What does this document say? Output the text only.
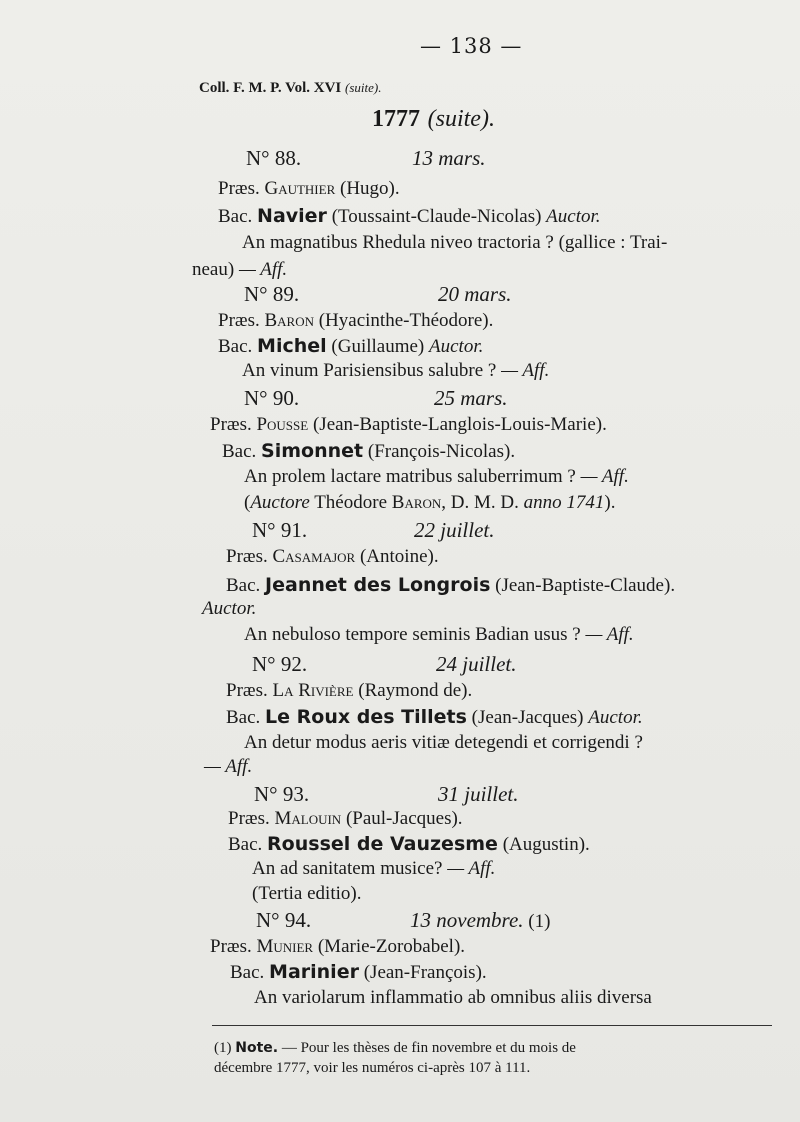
— 138 —
Coll. F. M. P. Vol. XVI (suite).
1777 (suite).
N° 88.	13 mars.
Præs. Gauthier (Hugo).
Bac. Navier (Toussaint-Claude-Nicolas) Auctor.
An magnatibus Rhedula niveo tractoria ? (gallice : Trai-
neau) — Aff.
N° 89.	20 mars.
Præs. Baron (Hyacinthe-Théodore).
Bac. Michel (Guillaume) Auctor.
An vinum Parisiensibus salubre ? — Aff.
N° 90.	25 mars.
Præs. Pousse (Jean-Baptiste-Langlois-Louis-Marie).
Bac. Simonnet (François-Nicolas).
An prolem lactare matribus saluberrimum ? — Aff.
(Auctore Théodore Baron, D. M. D. anno 1741).
N° 91.	22 juillet.
Præs. Casamajor (Antoine).
Bac. Jeannet des Longrois (Jean-Baptiste-Claude).
Auctor.
An nebuloso tempore seminis Badian usus ? — Aff.
N° 92.	24 juillet.
Præs. La Rivière (Raymond de).
Bac. Le Roux des Tillets (Jean-Jacques) Auctor.
An detur modus aeris vitiæ detegendi et corrigendi ?
— Aff.
N° 93.	31 juillet.
Præs. Malouin (Paul-Jacques).
Bac. Roussel de Vauzesme (Augustin).
An ad sanitatem musice? — Aff.
(Tertia editio).
N° 94.	13 novembre. (1)
Præs. Munier (Marie-Zorobabel).
Bac. Marinier (Jean-François).
An variolarum inflammatio ab omnibus aliis diversa
(1) Note. — Pour les thèses de fin novembre et du mois de
décembre 1777, voir les numéros ci-après 107 à 111.
